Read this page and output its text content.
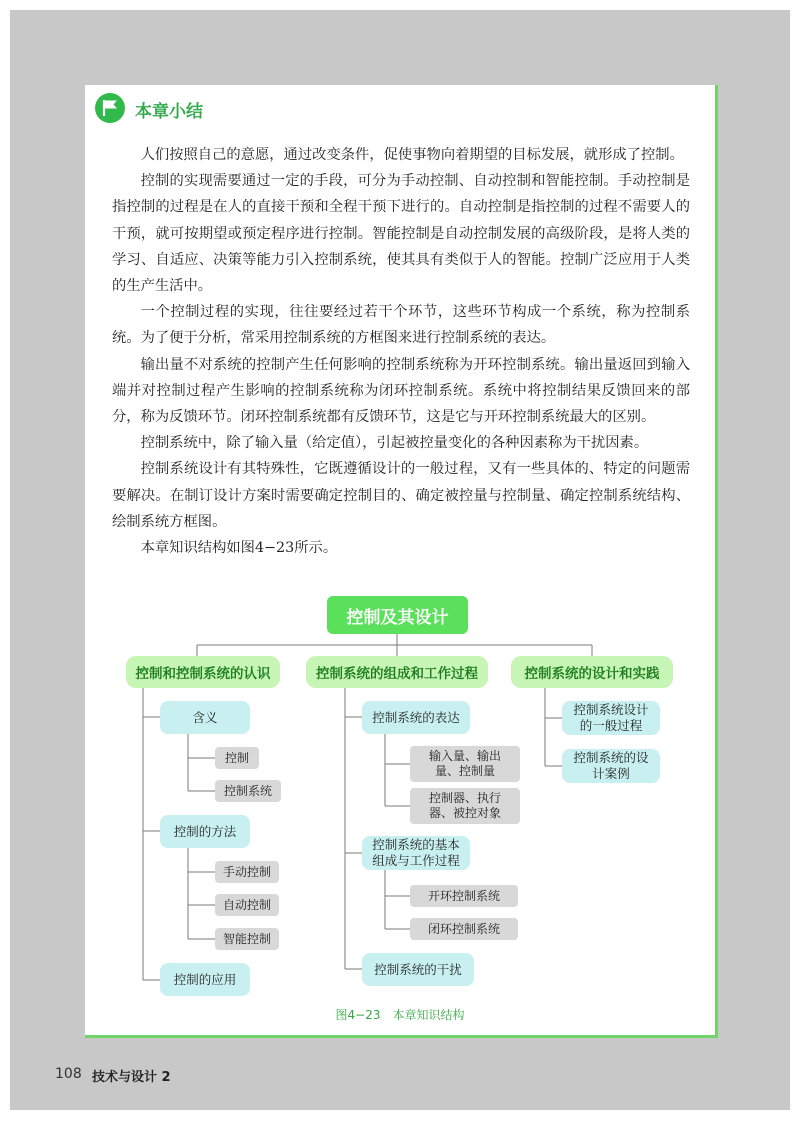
本章小结

人们按照自己的意愿，通过改变条件，促使事物向着期望的目标发展，就形成了控制。

控制的实现需要通过一定的手段，可分为手动控制、自动控制和智能控制。手动控制是指控制的过程是在人的直接干预和全程干预下进行的。自动控制是指控制的过程不需要人的干预，就可按期望或预定程序进行控制。智能控制是自动控制发展的高级阶段，是将人类的学习、自适应、决策等能力引入控制系统，使其具有类似于人的智能。控制广泛应用于人类的生产生活中。

一个控制过程的实现，往往要经过若干个环节，这些环节构成一个系统，称为控制系统。为了便于分析，常采用控制系统的方框图来进行控制系统的表达。

输出量不对系统的控制产生任何影响的控制系统称为开环控制系统。输出量返回到输入端并对控制过程产生影响的控制系统称为闭环控制系统。系统中将控制结果反馈回来的部分，称为反馈环节。闭环控制系统都有反馈环节，这是它与开环控制系统最大的区别。

控制系统中，除了输入量（给定值），引起被控量变化的各种因素称为干扰因素。

控制系统设计有其特殊性，它既遵循设计的一般过程，又有一些具体的、特定的问题需要解决。在制订设计方案时需要确定控制目的、确定被控量与控制量、确定控制系统结构、绘制系统方框图。

本章知识结构如图4−23所示。

控制及其设计
控制和控制系统的认识	控制系统的组成和工作过程	控制系统的设计和实践
含义
控制
控制系统
控制的方法
手动控制
自动控制
智能控制
控制的应用
控制系统的表达
输入量、输出量、控制量
控制器、执行器、被控对象
控制系统的基本组成与工作过程
开环控制系统
闭环控制系统
控制系统的干扰
控制系统设计的一般过程
控制系统的设计案例
图4−23 本章知识结构
108 技术与设计 2
